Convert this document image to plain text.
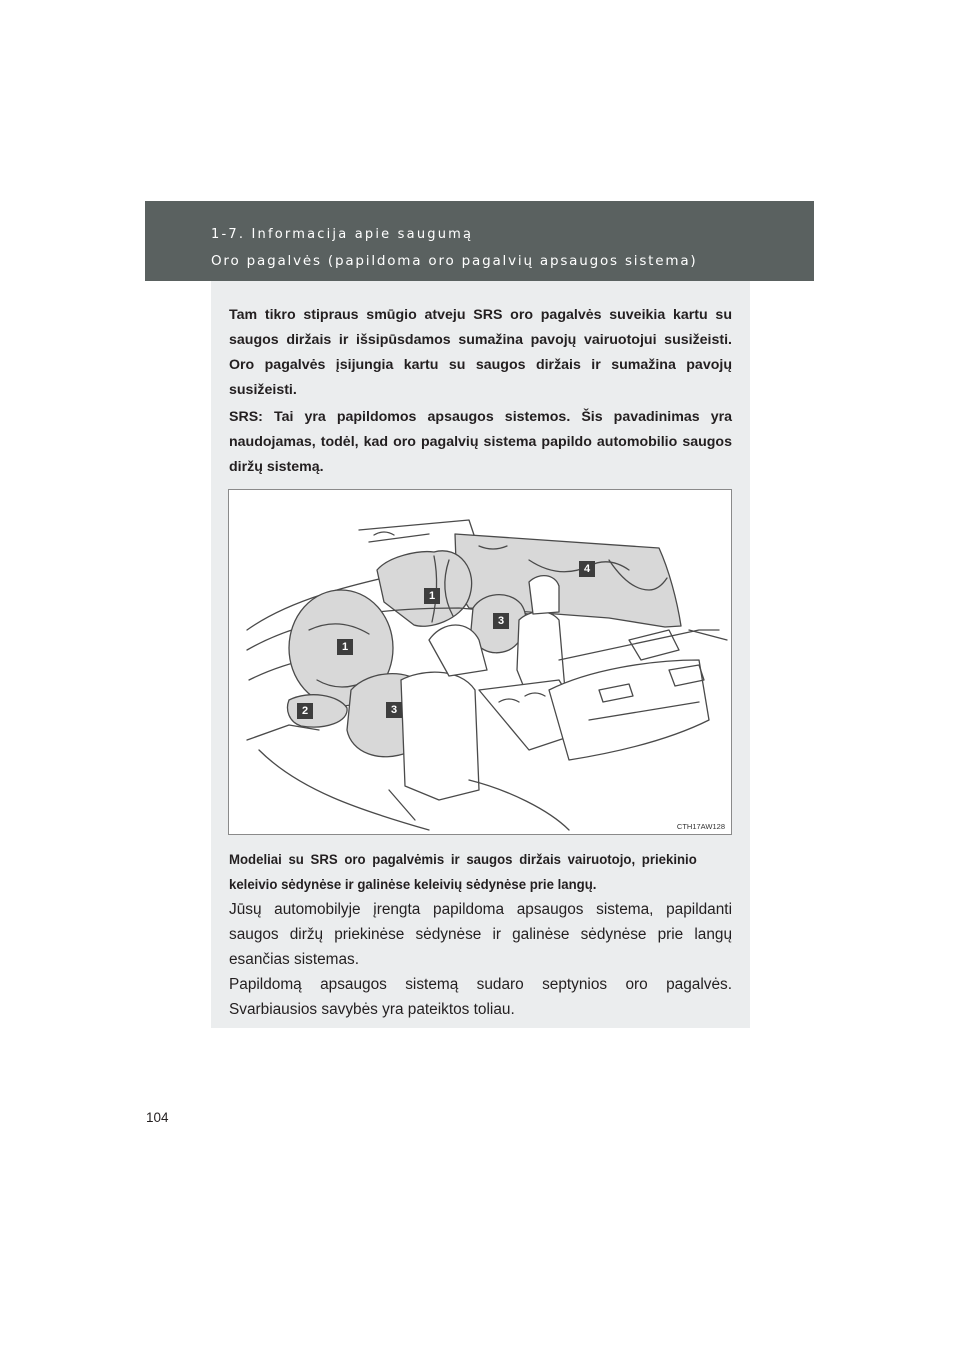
1-7. Informacija apie saugumą
Oro pagalvės (papildoma oro pagalvių apsaugos sistema)

Tam tikro stipraus smūgio atveju SRS oro pagalvės suveikia kartu su saugos diržais ir išsipūsdamos sumažina pavojų vairuotojui susižeisti. Oro pagalvės įsijungia kartu su saugos diržais ir sumažina pavojų susižeisti.

SRS: Tai yra papildomos apsaugos sistemos. Šis pavadinimas yra naudojamas, todėl, kad oro pagalvių sistema papildo automobilio saugos diržų sistemą.

1
1
2	3
3
4
CTH17AW128

Modeliai su SRS oro pagalvėmis ir saugos diržais vairuotojo, priekinio keleivio sėdynėse ir galinėse keleivių sėdynėse prie langų.

Jūsų automobilyje įrengta papildoma apsaugos sistema, papildanti saugos diržų priekinėse sėdynėse ir galinėse sėdynėse prie langų esančias sistemas.

Papildomą apsaugos sistemą sudaro septynios oro pagalvės. Svarbiausios savybės yra pateiktos toliau.

104
